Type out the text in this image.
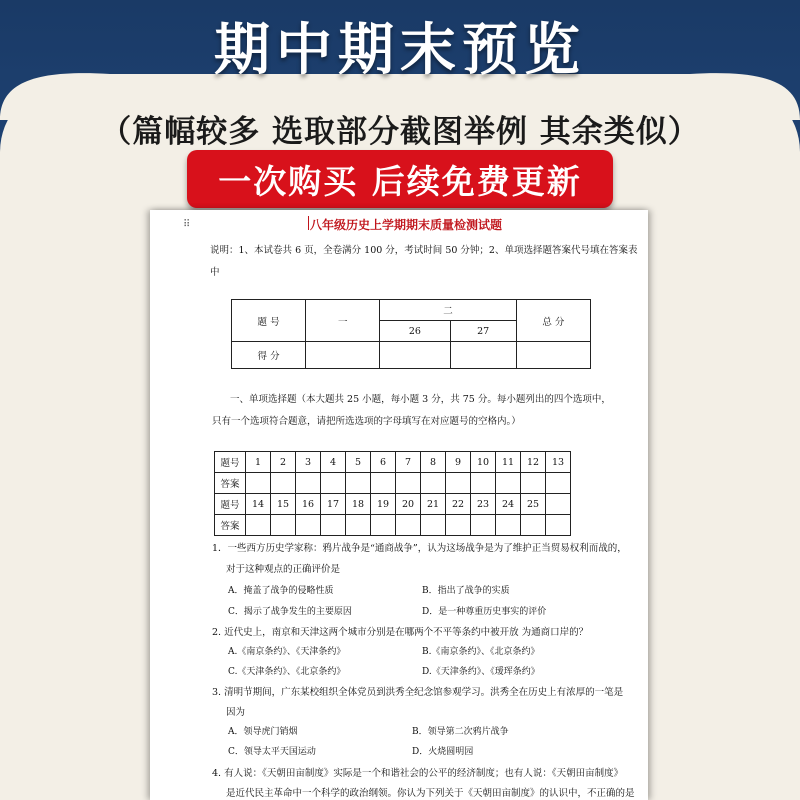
期中期末预览
（篇幅较多 选取部分截图举例 其余类似）
一次购买 后续免费更新
⠿	八年级历史上学期期末质量检测试题
说明：1、本试卷共 6 页，全卷满分 100 分，考试时间 50 分钟；2、单项选择题答案代号填在答案表
中
题 号	一	二		总 分
		26	27	
得 分				
一、单项选择题（本大题共 25 小题，每小题 3 分，共 75 分。每小题列出的四个选项中，
只有一个选项符合题意，请把所选选项的字母填写在对应题号的空格内。）
题号	1	2	3	4	5	6	7	8	9	10	11	12	13
答案													
题号	14	15	16	17	18	19	20	21	22	23	24	25	
答案													
1．一些西方历史学家称：鸦片战争是“通商战争”，认为这场战争是为了维护正当贸易权利而战的，
对于这种观点的正确评价是
A．掩盖了战争的侵略性质	B．指出了战争的实质
C．揭示了战争发生的主要原因	D．是一种尊重历史事实的评价
2. 近代史上，南京和天津这两个城市分别是在哪两个不平等条约中被开放 为通商口岸的？
A.《南京条约》、《天津条约》	B.《南京条约》、《北京条约》
C.《天津条约》、《北京条约》	D.《天津条约》、《瑷珲条约》
3. 清明节期间，广东某校组织全体党员到洪秀全纪念馆参观学习。洪秀全在历史上有浓厚的一笔是
因为
A．领导虎门销烟	B．领导第二次鸦片战争
C．领导太平天国运动	D．火烧圆明园
4. 有人说：《天朝田亩制度》实际是一个和谐社会的公平的经济制度；也有人说：《天朝田亩制度》
是近代民主革命中一个科学的政治纲领。你认为下列关于《天朝田亩制度》的认识中，不正确的是
